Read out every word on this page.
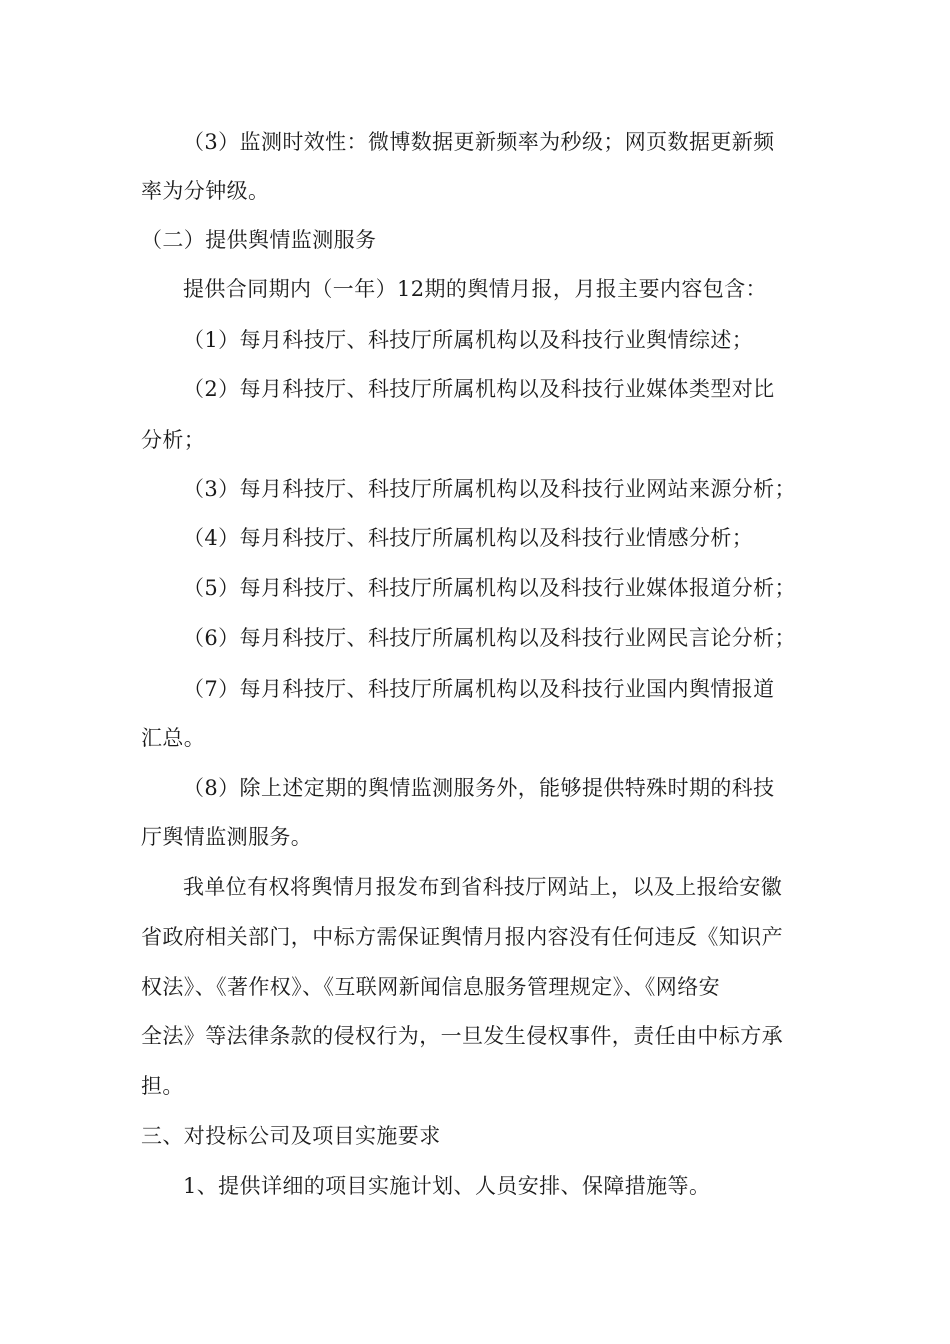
（3）监测时效性：微博数据更新频率为秒级；网页数据更新频
率为分钟级。
（二）提供舆情监测服务
提供合同期内（一年）12期的舆情月报，月报主要内容包含：
（1）每月科技厅、科技厅所属机构以及科技行业舆情综述；
（2）每月科技厅、科技厅所属机构以及科技行业媒体类型对比
分析；
（3）每月科技厅、科技厅所属机构以及科技行业网站来源分析；
（4）每月科技厅、科技厅所属机构以及科技行业情感分析；
（5）每月科技厅、科技厅所属机构以及科技行业媒体报道分析；
（6）每月科技厅、科技厅所属机构以及科技行业网民言论分析；
（7）每月科技厅、科技厅所属机构以及科技行业国内舆情报道
汇总。
（8）除上述定期的舆情监测服务外，能够提供特殊时期的科技
厅舆情监测服务。
我单位有权将舆情月报发布到省科技厅网站上，以及上报给安徽
省政府相关部门，中标方需保证舆情月报内容没有任何违反《知识产
权法》、《著作权》、《互联网新闻信息服务管理规定》、《网络安
全法》等法律条款的侵权行为，一旦发生侵权事件，责任由中标方承
担。
三、对投标公司及项目实施要求
1、提供详细的项目实施计划、人员安排、保障措施等。
